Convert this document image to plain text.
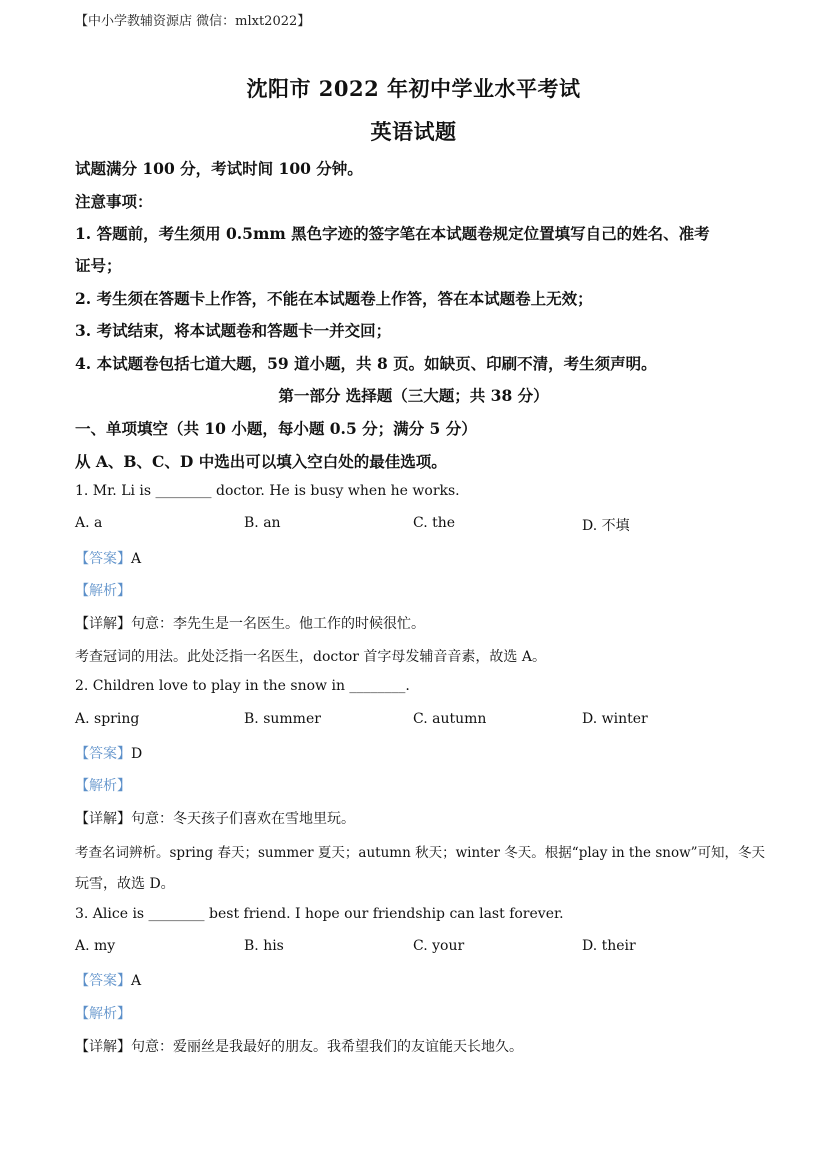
【中小学教辅资源店 微信：mlxt2022】
沈阳市 2022 年初中学业水平考试
英语试题
试题满分 100 分，考试时间 100 分钟。
注意事项：
1. 答题前，考生须用 0.5mm 黑色字迹的签字笔在本试题卷规定位置填写自己的姓名、准考
证号；
2. 考生须在答题卡上作答，不能在本试题卷上作答，答在本试题卷上无效；
3. 考试结束，将本试题卷和答题卡一并交回；
4. 本试题卷包括七道大题，59 道小题，共 8 页。如缺页、印刷不清，考生须声明。
第一部分 选择题（三大题；共 38 分）
一、单项填空（共 10 小题，每小题 0.5 分；满分 5 分）
从 A、B、C、D 中选出可以填入空白处的最佳选项。
1. Mr. Li is ________ doctor. He is busy when he works.
A. a	B. an	C. the	D. 不填
【答案】A
【解析】
【详解】句意：李先生是一名医生。他工作的时候很忙。
考查冠词的用法。此处泛指一名医生，doctor 首字母发辅音音素，故选 A。
2. Children love to play in the snow in ________.
A. spring	B. summer	C. autumn	D. winter
【答案】D
【解析】
【详解】句意：冬天孩子们喜欢在雪地里玩。
考查名词辨析。spring 春天；summer 夏天；autumn 秋天；winter 冬天。根据“play in the snow”可知，冬天
玩雪，故选 D。
3. Alice is ________ best friend. I hope our friendship can last forever.
A. my	B. his	C. your	D. their
【答案】A
【解析】
【详解】句意：爱丽丝是我最好的朋友。我希望我们的友谊能天长地久。
